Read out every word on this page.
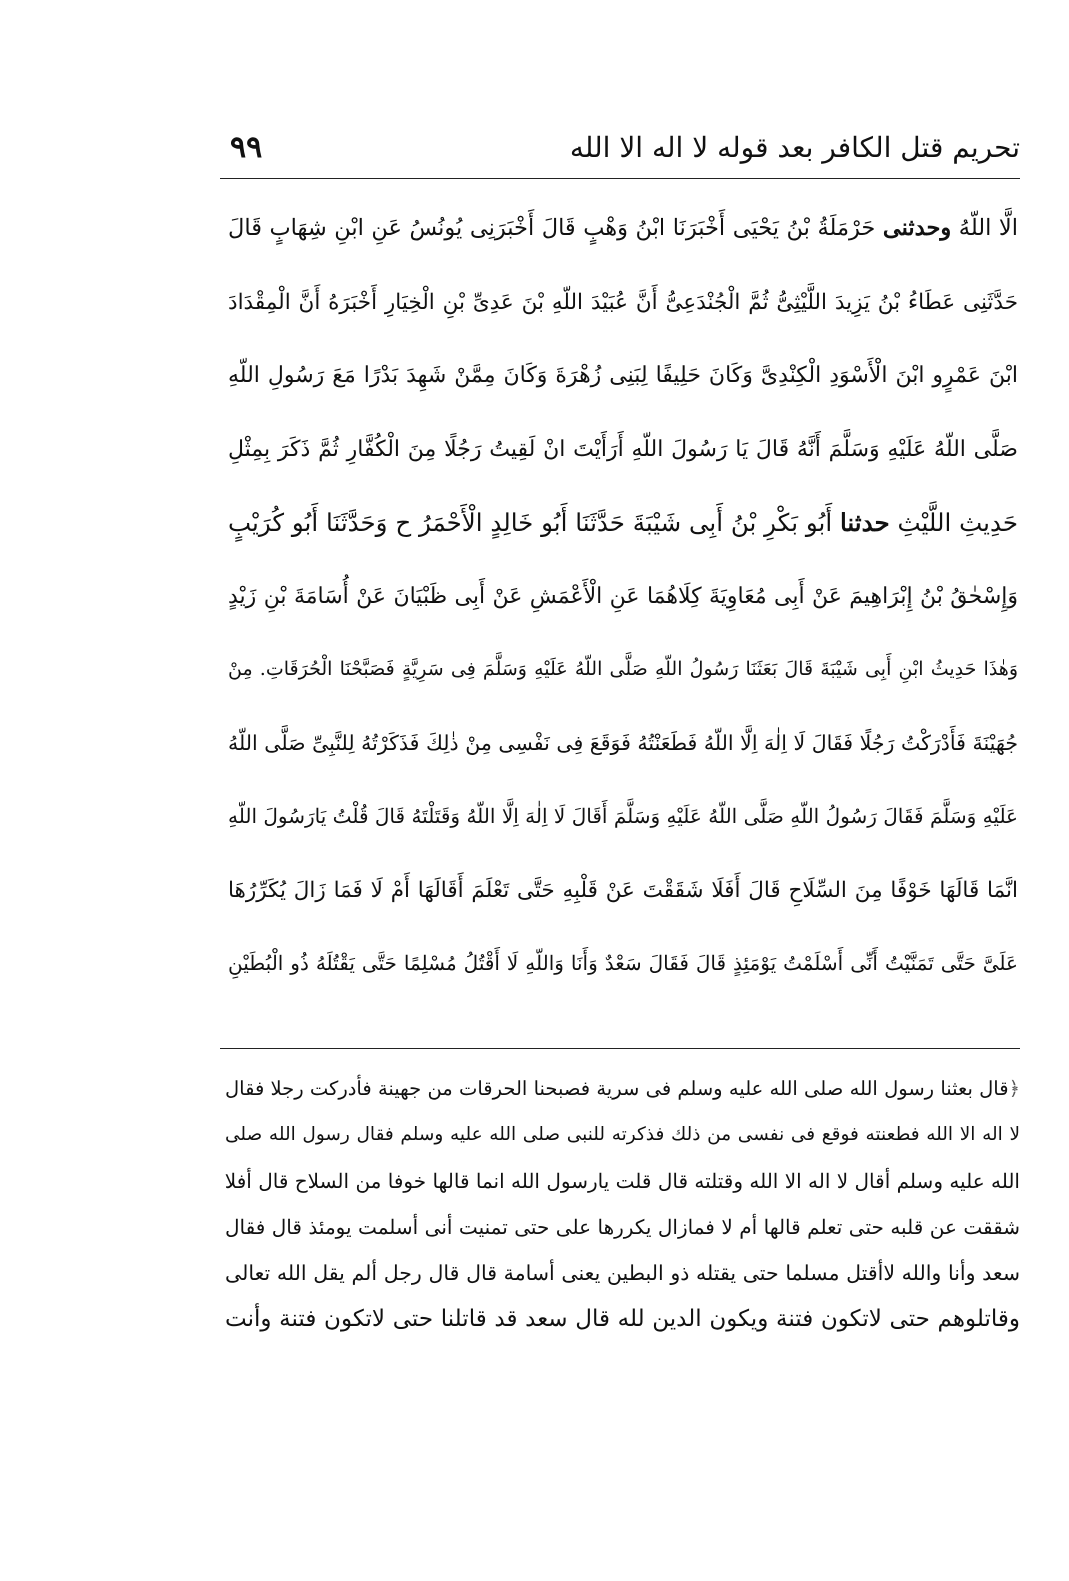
تحريم قتل الكافر بعد قوله لا اله الا الله
٩٩
الَّا اللّهُ وحدثنى حَرْمَلَةُ بْنُ يَحْيَى أَخْبَرَنَا ابْنُ وَهْبٍ قَالَ أَخْبَرَنِى يُونُسُ عَنِ ابْنِ شِهَابٍ قَالَ
حَدَّثَنِى عَطَاءُ بْنُ يَزِيدَ اللَّيْثِىُّ ثُمَّ الْجُنْدَعِىُّ أَنَّ عُبَيْدَ اللّهِ بْنَ عَدِىِّ بْنِ الْخِيَارِ أَخْبَرَهُ أَنَّ الْمِقْدَادَ
ابْنَ عَمْرٍو ابْنَ الْأَسْوَدِ الْكِنْدِىَّ وَكَانَ حَلِيفًا لِبَنِى زُهْرَةَ وَكَانَ مِمَّنْ شَهِدَ بَدْرًا مَعَ رَسُولِ اللّهِ
صَلَّى اللّهُ عَلَيْهِ وَسَلَّمَ أَنَّهُ قَالَ يَا رَسُولَ اللّهِ أَرَأَيْتَ انْ لَقِيتُ رَجُلًا مِنَ الْكُفَّارِ ثُمَّ ذَكَرَ بِمِثْلِ
حَدِيثِ اللَّيْثِ حدثنا أَبُو بَكْرِ بْنُ أَبِى شَيْبَةَ حَدَّثَنَا أَبُو خَالِدٍ الْأَحْمَرُ ح وَحَدَّثَنَا أَبُو كُرَيْبٍ
وَإِسْحٰقُ بْنُ إِبْرَاهِيمَ عَنْ أَبِى مُعَاوِيَةَ كِلَاهُمَا عَنِ الْأَعْمَشِ عَنْ أَبِى ظَبْيَانَ عَنْ أُسَامَةَ بْنِ زَيْدٍ
وَهٰذَا حَدِيثُ ابْنِ أَبِى شَيْبَةَ قَالَ بَعَثَنَا رَسُولُ اللّهِ صَلَّى اللّهُ عَلَيْهِ وَسَلَّمَ فِى سَرِيَّةٍ فَصَبَّحْنَا الْحُرَقَاتِ. مِنْ
جُهَيْنَةَ فَأَدْرَكْتُ رَجُلًا فَقَالَ لَا اِلٰهَ اِلَّا اللّهُ فَطَعَنْتُهُ فَوَقَعَ فِى نَفْسِى مِنْ ذٰلِكَ فَذَكَرْتُهُ لِلنَّبِىِّ صَلَّى اللّهُ
عَلَيْهِ وَسَلَّمَ فَقَالَ رَسُولُ اللّهِ صَلَّى اللّهُ عَلَيْهِ وَسَلَّمَ أَقَالَ لَا اِلٰهَ اِلَّا اللّهُ وَقَتَلْتَهُ قَالَ قُلْتُ يَارَسُولَ اللّهِ
انَّمَا قَالَهَا خَوْفًا مِنَ السِّلَاحِ قَالَ أَفَلَا شَقَقْتَ عَنْ قَلْبِهِ حَتَّى تَعْلَمَ أَقَالَهَا أَمْ لَا فَمَا زَالَ يُكَرِّرُهَا
عَلَىَّ حَتَّى تَمَنَّيْتُ أَنِّى أَسْلَمْتُ يَوْمَئِذٍ قَالَ فَقَالَ سَعْدٌ وَأَنَا وَاللّهِ لَا أَقْتُلُ مُسْلِمًا حَتَّى يَقْتُلَهُ ذُو الْبُطَيْنِ
﴿قال بعثنا رسول الله صلى الله عليه وسلم فى سرية فصبحنا الحرقات من جهينة فأدركت رجلا فقال
لا اله الا الله فطعنته فوقع فى نفسى من ذلك فذكرته للنبى صلى الله عليه وسلم فقال رسول الله صلى
الله عليه وسلم أقال لا اله الا الله وقتلته قال قلت يارسول الله انما قالها خوفا من السلاح قال أفلا
شققت عن قلبه حتى تعلم قالها أم لا فمازال يكررها على حتى تمنيت أنى أسلمت يومئذ قال فقال
سعد وأنا والله لاأقتل مسلما حتى يقتله ذو البطين يعنى أسامة قال قال رجل ألم يقل الله تعالى
وقاتلوهم حتى لاتكون فتنة ويكون الدين لله قال سعد قد قاتلنا حتى لاتكون فتنة وأنت
